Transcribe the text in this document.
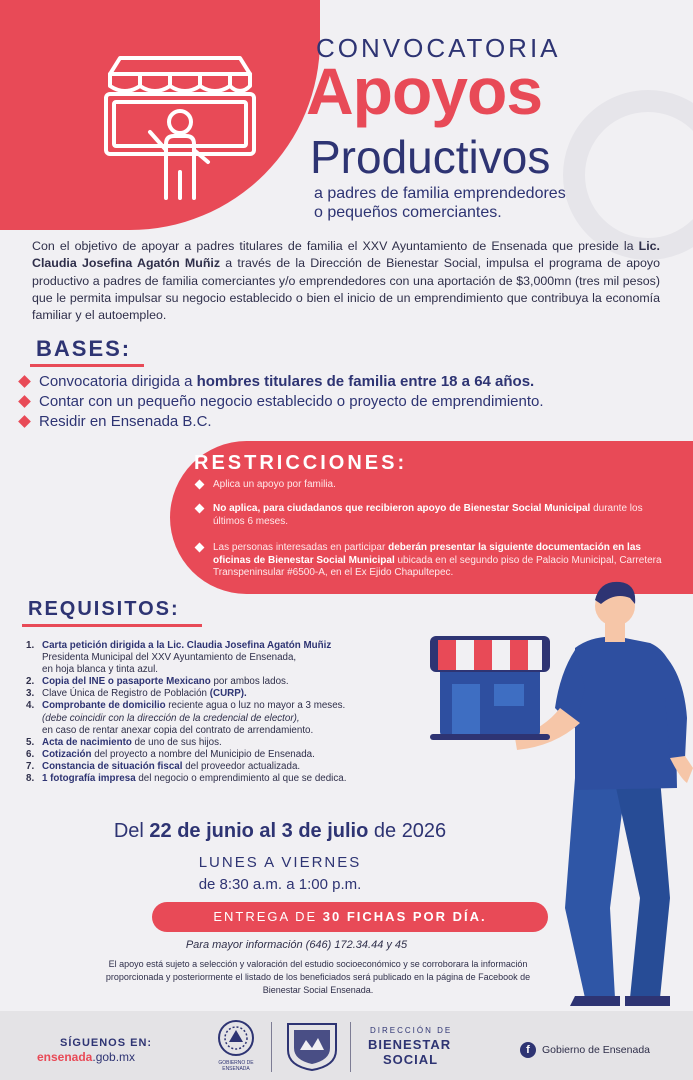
CONVOCATORIA
Apoyos
Productivos
a padres de familia emprendedores
o pequeños comerciantes.

Con el objetivo de apoyar a padres titulares de familia el XXV Ayuntamiento de Ensenada que preside la Lic. Claudia Josefina Agatón Muñiz a través de la Dirección de Bienestar Social, impulsa el programa de apoyo productivo a padres de familia comerciantes y/o emprendedores con una aportación de $3,000mn (tres mil pesos) que le permita impulsar su negocio establecido o bien el inicio de un emprendimiento que contribuya la economía familiar y el autoempleo.

BASES:
Convocatoria dirigida a hombres titulares de familia entre 18 a 64 años.
Contar con un pequeño negocio establecido o proyecto de emprendimiento.
Residir en Ensenada B.C.
RESTRICCIONES:
Aplica un apoyo por familia.
No aplica, para ciudadanos que recibieron apoyo de Bienestar Social Municipal durante los últimos 6 meses.
Las personas interesadas en participar deberán presentar la siguiente documentación en las oficinas de Bienestar Social Municipal ubicada en el segundo piso de Palacio Municipal, Carretera Transpeninsular #6500-A, en el Ex Ejido Chapultepec.
REQUISITOS:
1. Carta petición dirigida a la Lic. Claudia Josefina Agatón Muñiz
Presidenta Municipal del XXV Ayuntamiento de Ensenada,
en hoja blanca y tinta azul.
2. Copia del INE o pasaporte Mexicano por ambos lados.
3. Clave Única de Registro de Población (CURP).
4. Comprobante de domicilio reciente agua o luz no mayor a 3 meses.
(debe coincidir con la dirección de la credencial de elector),
en caso de rentar anexar copia del contrato de arrendamiento.
5. Acta de nacimiento de uno de sus hijos.
6. Cotización del proyecto a nombre del Municipio de Ensenada.
7. Constancia de situación fiscal del proveedor actualizada.
8. 1 fotografía impresa del negocio o emprendimiento al que se dedica.
Del 22 de junio al 3 de julio de 2026
LUNES A VIERNES
de 8:30 a.m. a 1:00 p.m.
ENTREGA DE 30 FICHAS POR DÍA.
Para mayor información (646) 172.34.44 y 45
El apoyo está sujeto a selección y valoración del estudio socioeconómico y se corroborara la información proporcionada y posteriormente el listado de los beneficiados será publicado en la página de Facebook de Bienestar Social Ensenada.
SÍGUENOS EN:
ensenada.gob.mx	GOBIERNO DE ENSENADA
DIRECCIÓN DE
BIENESTAR
SOCIAL
f	Gobierno de Ensenada
